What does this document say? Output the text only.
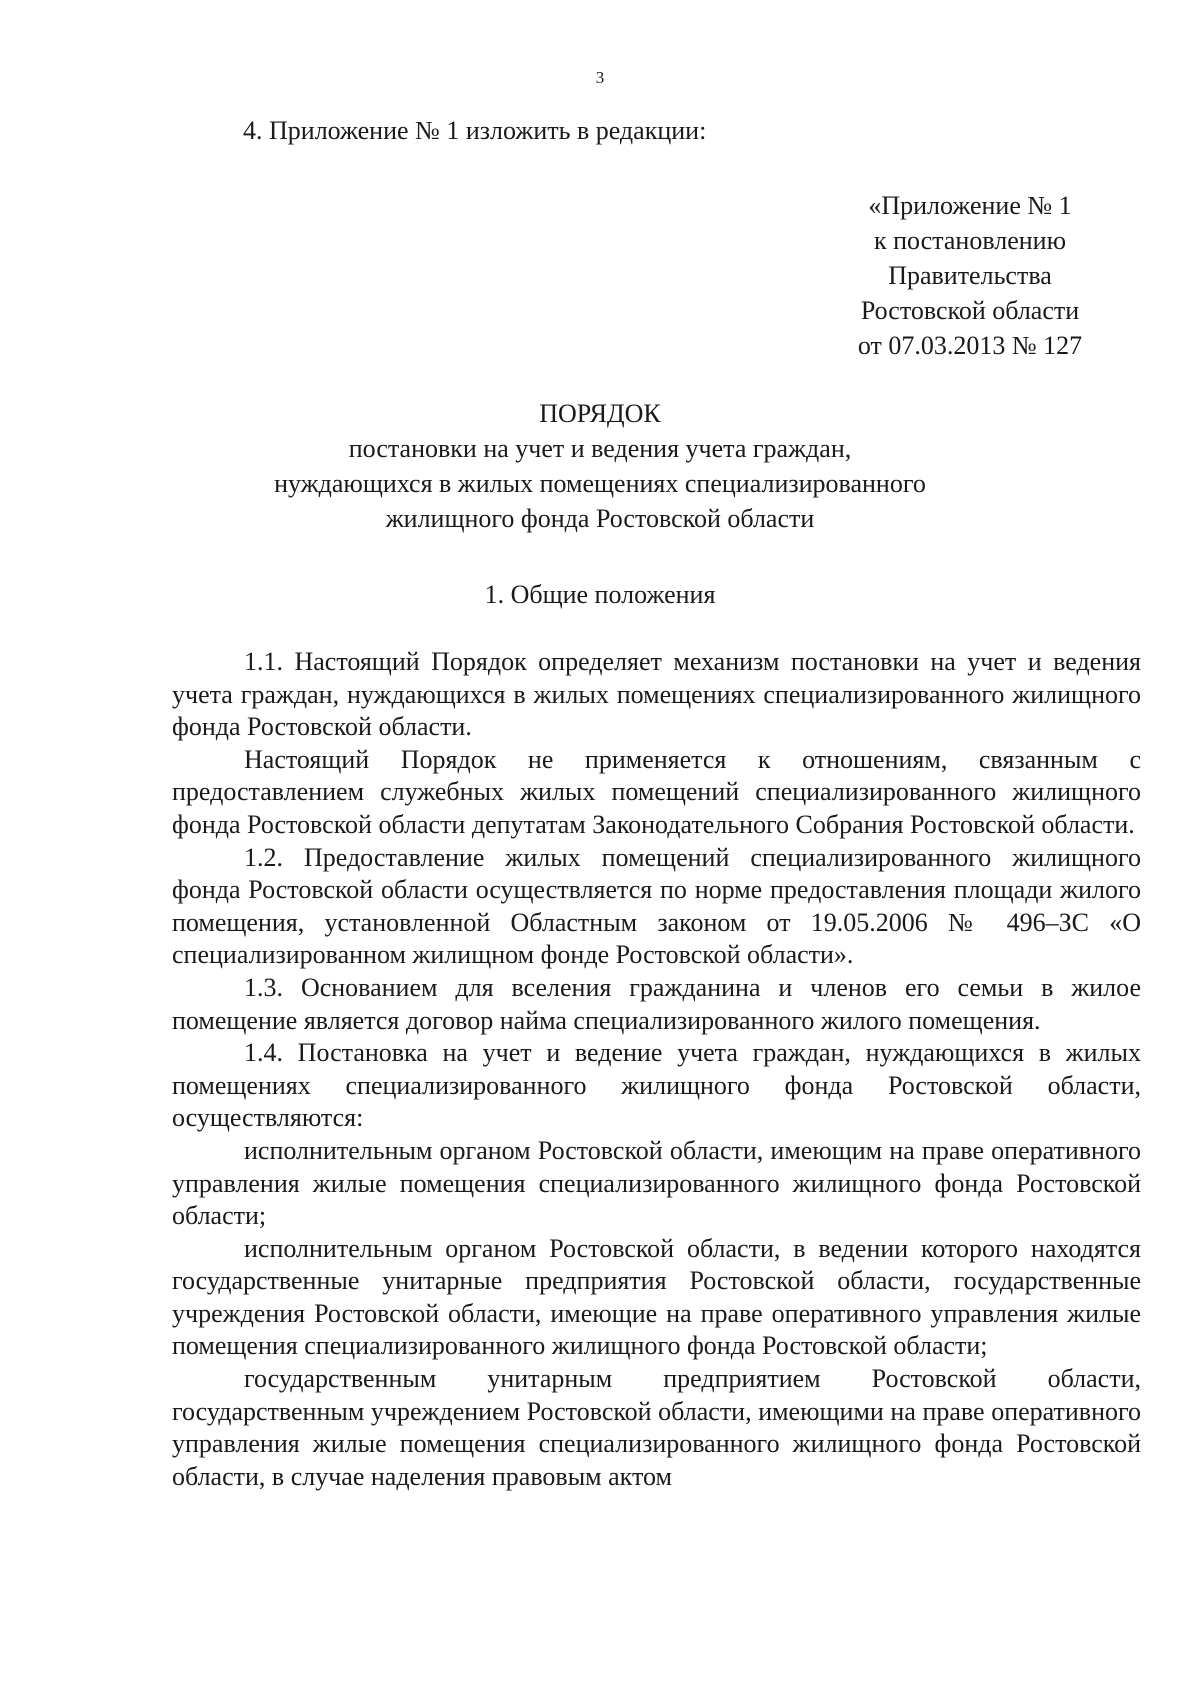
3
4. Приложение № 1 изложить в редакции:
«Приложение № 1
к постановлению
Правительства
Ростовской области
от 07.03.2013 № 127
ПОРЯДОК
постановки на учет и ведения учета граждан,
нуждающихся в жилых помещениях специализированного
жилищного фонда Ростовской области
1. Общие положения

1.1. Настоящий Порядок определяет механизм постановки на учет и ведения учета граждан, нуждающихся в жилых помещениях специализированного жилищного фонда Ростовской области.

Настоящий Порядок не применяется к отношениям, связанным с предоставлением служебных жилых помещений специализированного жилищного фонда Ростовской области депутатам Законодательного Собрания Ростовской области.

1.2. Предоставление жилых помещений специализированного жилищного фонда Ростовской области осуществляется по норме предоставления площади жилого помещения, установленной Областным законом от 19.05.2006 № 496–ЗС «О специализированном жилищном фонде Ростовской области».

1.3. Основанием для вселения гражданина и членов его семьи в жилое помещение является договор найма специализированного жилого помещения.

1.4. Постановка на учет и ведение учета граждан, нуждающихся в жилых помещениях специализированного жилищного фонда Ростовской области, осуществляются:

исполнительным органом Ростовской области, имеющим на праве оперативного управления жилые помещения специализированного жилищного фонда Ростовской области;

исполнительным органом Ростовской области, в ведении которого находятся государственные унитарные предприятия Ростовской области, государственные учреждения Ростовской области, имеющие на праве оперативного управления жилые помещения специализированного жилищного фонда Ростовской области;

государственным унитарным предприятием Ростовской области, государственным учреждением Ростовской области, имеющими на праве оперативного управления жилые помещения специализированного жилищного фонда Ростовской области, в случае наделения правовым актом
